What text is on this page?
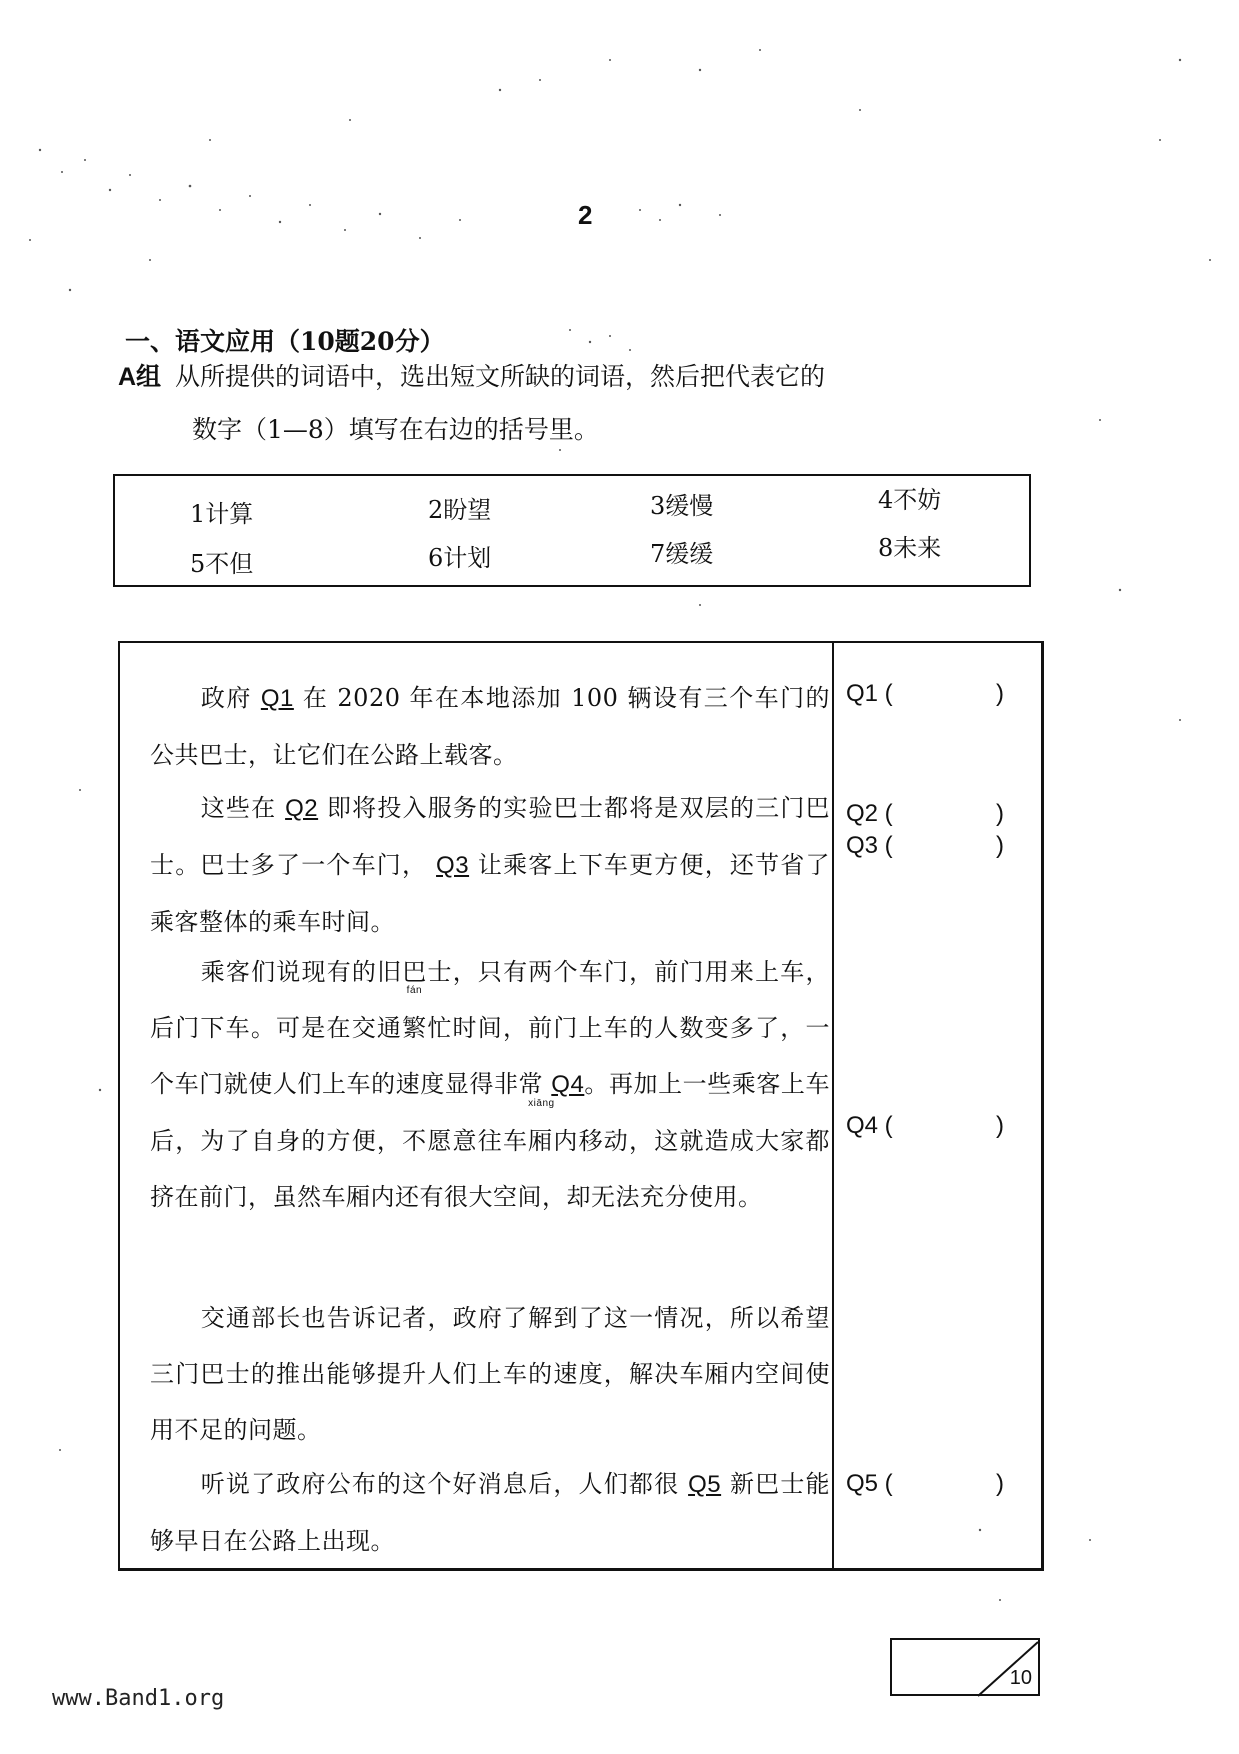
2
一、语文应用（10题20分）
A组 从所提供的词语中，选出短文所缺的词语，然后把代表它的
数字（1—8）填写在右边的括号里。
1计算	2盼望	3缓慢	4不妨
5不但	6计划	7缓缓	8未来
政府 Q1 在 2020 年在本地添加 100 辆设有三个车门的公共巴士，让它们在公路上载客。
这些在 Q2 即将投入服务的实验巴士都将是双层的三门巴士。巴士多了一个车门， Q3 让乘客上下车更方便，还节省了乘客整体的乘车时间。
乘客们说现有的旧巴士，只有两个车门，前门用来上车，后门下车。可是在交通
fán
繁忙时间，前门上车的人数变多了，一个车门就使人们上车的速度显得非常 Q4。再加上一些乘客上车后，为了自身的方便，不愿意往车
xiāng
厢内移动，这就造成大家都挤在前门，虽然车厢内还有很大空间，却无法充分使用。
交通部长也告诉记者，政府了解到了这一情况，所以希望三门巴士的推出能够提升人们上车的速度，解决车厢内空间使用不足的问题。
听说了政府公布的这个好消息后，人们都很 Q5 新巴士能够早日在公路上出现。
Q1 (	)
Q2 (	)
Q3 (	)
Q4 (	)
Q5 (	)
10
www.Band1.org
